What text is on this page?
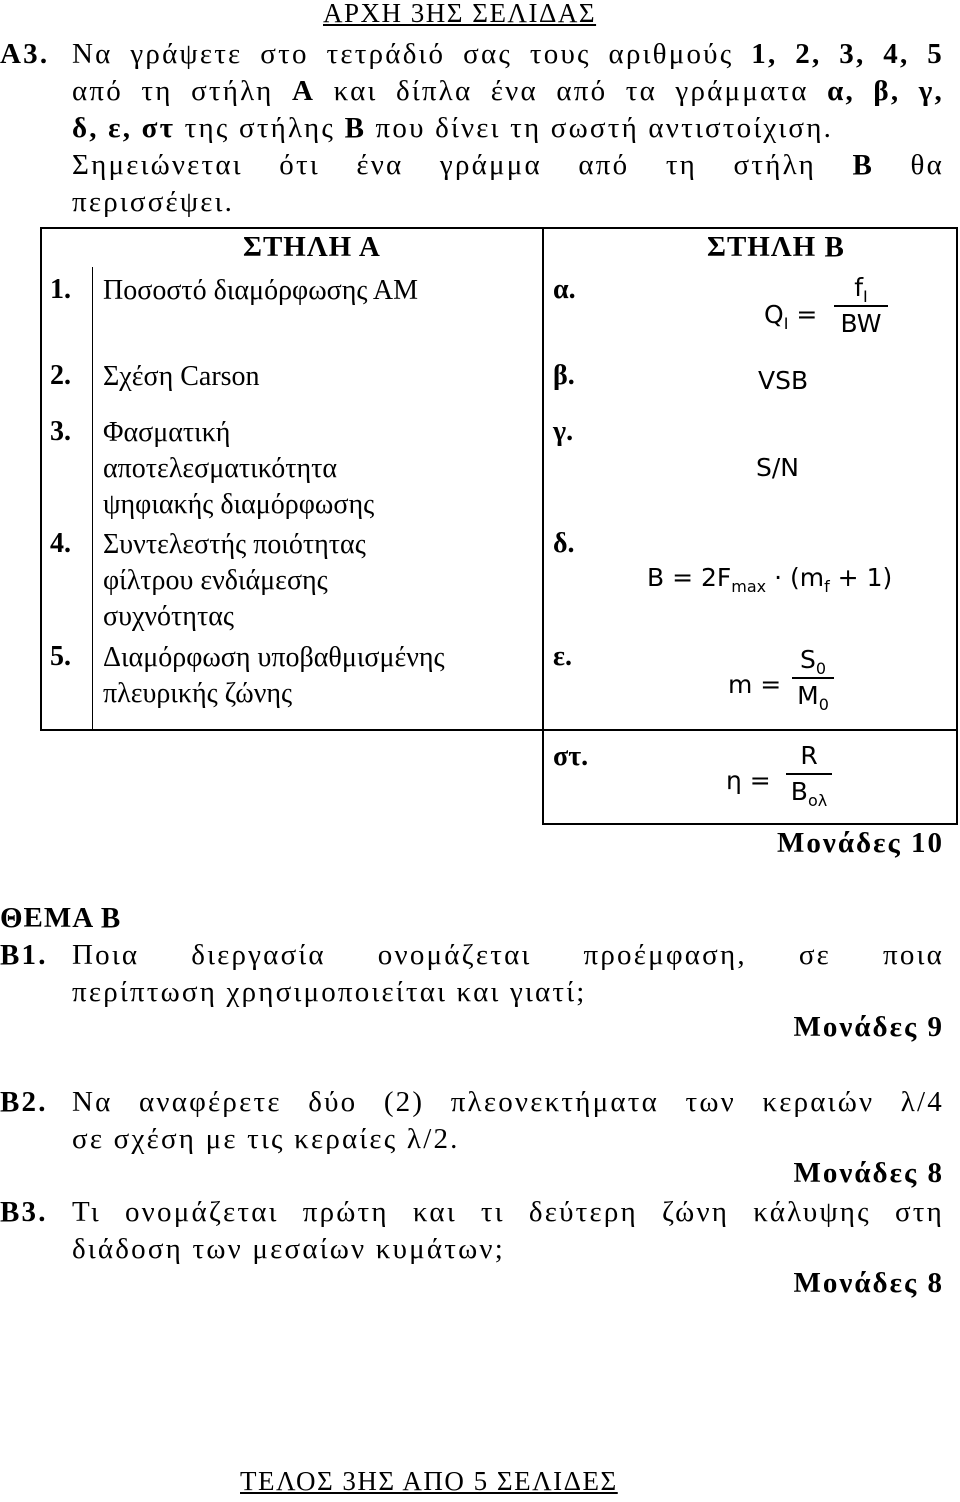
ΑΡΧΗ 3ΗΣ ΣΕΛΙΔΑΣ
Α3. Να γράψετε στο τετράδιό σας τους αριθμούς 1, 2, 3, 4, 5
από τη στήλη Α και δίπλα ένα από τα γράμματα α, β, γ,
δ, ε, στ της στήλης Β που δίνει τη σωστή αντιστοίχιση.
Σημειώνεται ότι ένα γράμμα από τη στήλη Β θα
περισσέψει.
ΣΤΗΛΗ Α	ΣΤΗΛΗ Β
1. Ποσοστό διαμόρφωσης ΑΜ
2. Σχέση Carson
3. Φασματική
αποτελεσματικότητα
ψηφιακής διαμόρφωσης
4. Συντελεστής ποιότητας
φίλτρου ενδιάμεσης
συχνότητας
5. Διαμόρφωση υποβαθμισμένης
πλευρικής ζώνης
α.
β.
γ.
δ.
ε.
στ.
$Q_I$ =
$f_I$
BW
VSB
S/N
$B = 2F_{max} \cdot (m_f + 1)$
m =
$S_0$
$M_0$
η =
R
$B_{o\lambda}$
Μονάδες 10
ΘΕΜΑ Β
Β1. Ποια διεργασία ονομάζεται προέμφαση, σε ποια
περίπτωση χρησιμοποιείται και γιατί;
Μονάδες 9
Β2. Να αναφέρετε δύο (2) πλεονεκτήματα των κεραιών λ/4
σε σχέση με τις κεραίες λ/2.
Μονάδες 8
Β3. Τι ονομάζεται πρώτη και τι δεύτερη ζώνη κάλυψης στη
διάδοση των μεσαίων κυμάτων;
Μονάδες 8
ΤΕΛΟΣ 3ΗΣ ΑΠΟ 5 ΣΕΛΙΔΕΣ
